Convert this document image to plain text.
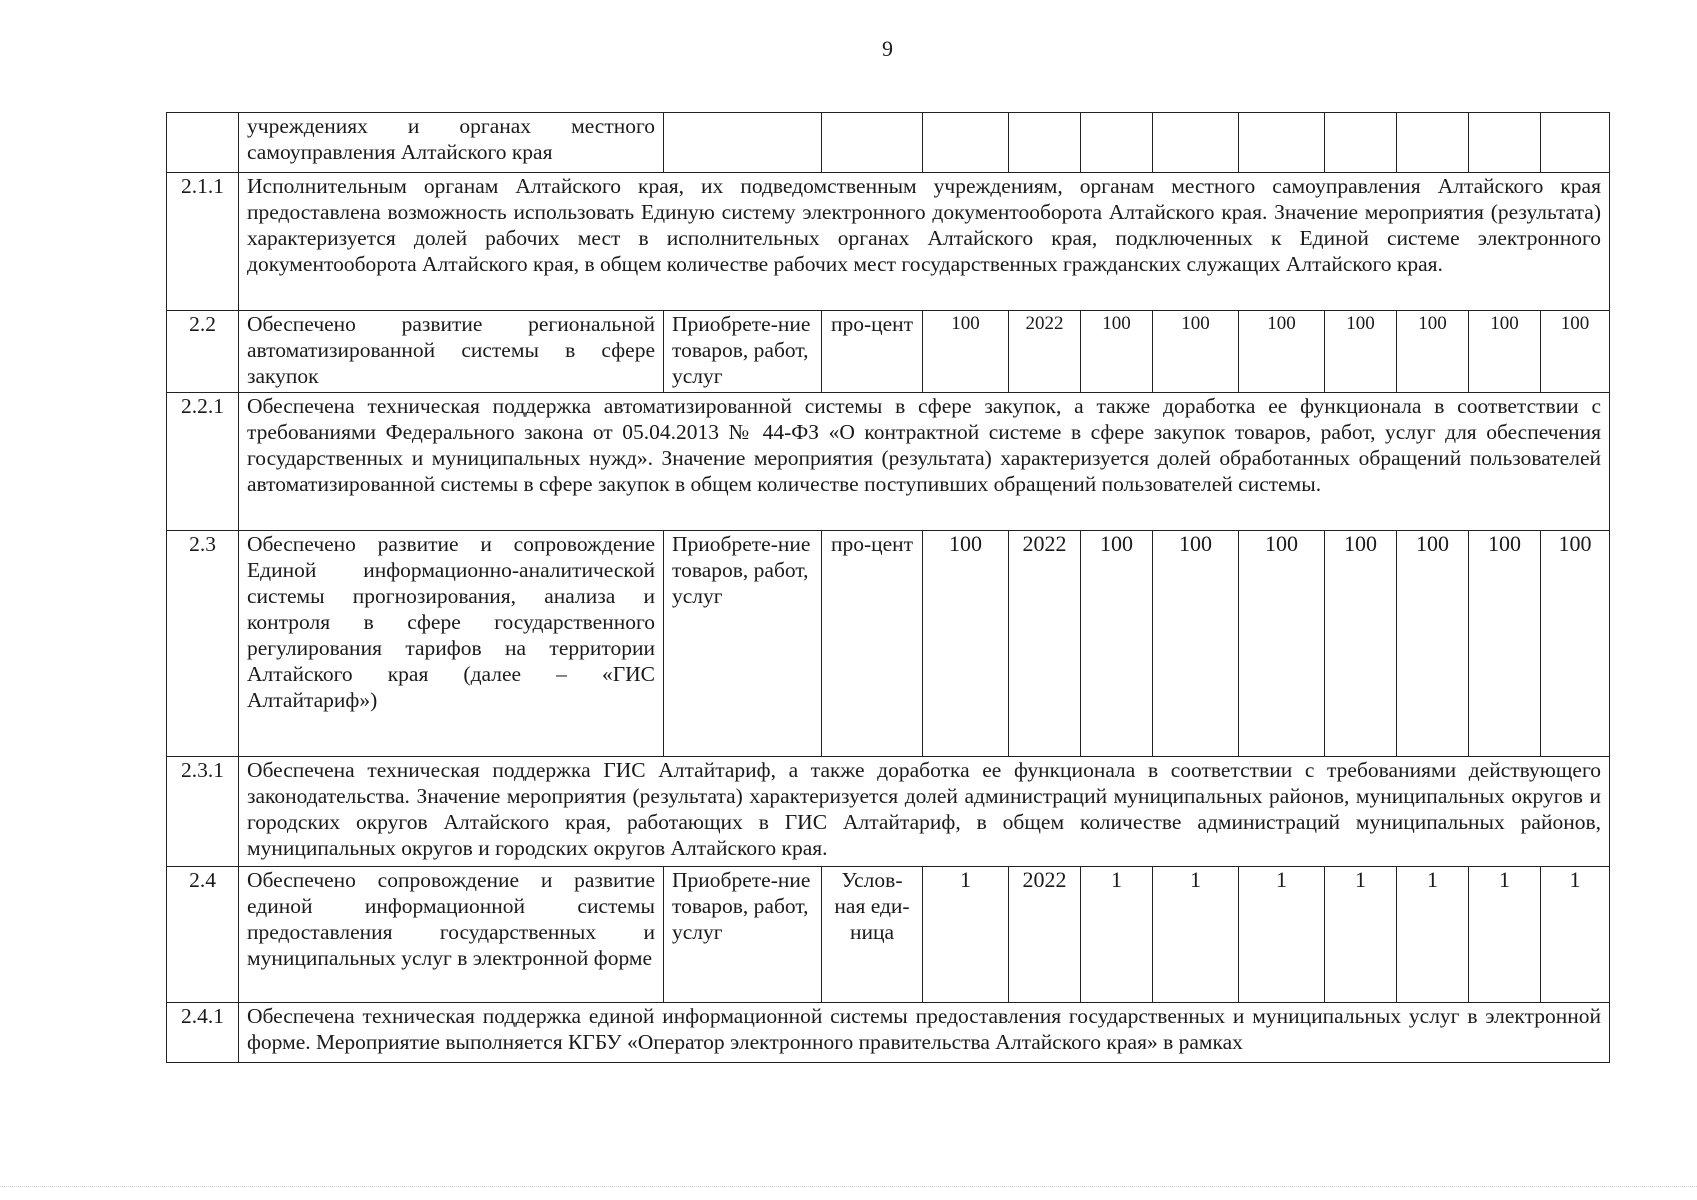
9
	учреждениях и органах местного самоуправления Алтайского края											
2.1.1	Исполнительным органам Алтайского края, их подведомственным учреждениям, органам местного самоуправления Алтайского края предоставлена возможность использовать Единую систему электронного документооборота Алтайского края. Значение мероприятия (результата) характеризуется долей рабочих мест в исполнительных органах Алтайского края, подключенных к Единой системе электронного документооборота Алтайского края, в общем количестве рабочих мест государственных гражданских служащих Алтайского края.											
2.2	Обеспечено развитие региональной автоматизированной системы в сфере закупок	Приобрете-ние товаров, работ, услуг	про-цент	100	2022	100	100	100	100	100	100	100
2.2.1	Обеспечена техническая поддержка автоматизированной системы в сфере закупок, а также доработка ее функционала в соответствии с требованиями Федерального закона от 05.04.2013 № 44-ФЗ «О контрактной системе в сфере закупок товаров, работ, услуг для обеспечения государственных и муниципальных нужд». Значение мероприятия (результата) характеризуется долей обработанных обращений пользователей автоматизированной системы в сфере закупок в общем количестве поступивших обращений пользователей системы.											
2.3	Обеспечено развитие и сопровождение Единой информационно-аналитической системы прогнозирования, анализа и контроля в сфере государственного регулирования тарифов на территории Алтайского края (далее – «ГИС Алтайтариф»)	Приобрете-ние товаров, работ, услуг	про-цент	100	2022	100	100	100	100	100	100	100
2.3.1	Обеспечена техническая поддержка ГИС Алтайтариф, а также доработка ее функционала в соответствии с требованиями действующего законодательства. Значение мероприятия (результата) характеризуется долей администраций муниципальных районов, муниципальных округов и городских округов Алтайского края, работающих в ГИС Алтайтариф, в общем количестве администраций муниципальных районов, муниципальных округов и городских округов Алтайского края.											
2.4	Обеспечено сопровождение и развитие единой информационной системы предоставления государственных и муниципальных услуг в электронной форме	Приобрете-ние товаров, работ, услуг	Услов-ная еди-ница	1	2022	1	1	1	1	1	1	1
2.4.1	Обеспечена техническая поддержка единой информационной системы предоставления государственных и муниципальных услуг в электронной форме. Мероприятие выполняется КГБУ «Оператор электронного правительства Алтайского края» в рамках											
